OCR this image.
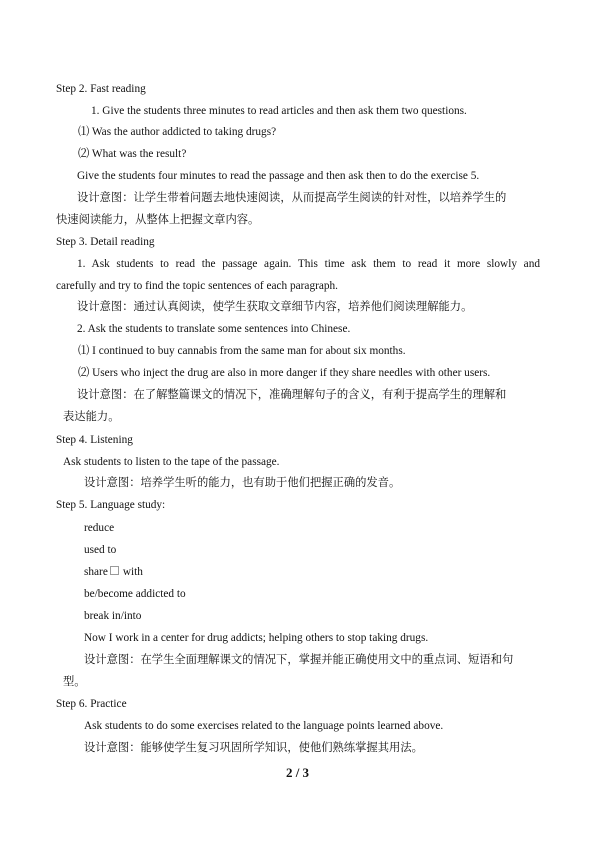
Step 2. Fast reading
1. Give the students three minutes to read articles and then ask them two questions.
⑴ Was the author addicted to taking drugs?
⑵ What was the result?
Give the students four minutes to read the passage and then ask then to do the exercise 5.
设计意图：让学生带着问题去地快速阅读，从而提高学生阅读的针对性，以培养学生的
快速阅读能力，从整体上把握文章内容。
Step 3. Detail reading
1. Ask students to read the passage again. This time ask them to read it more slowly and
carefully and try to find the topic sentences of each paragraph.
设计意图：通过认真阅读，使学生获取文章细节内容，培养他们阅读理解能力。
2. Ask the students to translate some sentences into Chinese.
⑴ I continued to buy cannabis from the same man for about six months.
⑵ Users who inject the drug are also in more danger if they share needles with other users.
设计意图：在了解整篇课文的情况下，准确理解句子的含义，有利于提高学生的理解和
表达能力。
Step 4. Listening
Ask students to listen to the tape of the passage.
设计意图：培养学生听的能力，也有助于他们把握正确的发音。
Step 5. Language study:
reduce
used to
share with
be/become addicted to
break in/into
Now I work in a center for drug addicts; helping others to stop taking drugs.
设计意图：在学生全面理解课文的情况下，掌握并能正确使用文中的重点词、短语和句
型。
Step 6. Practice
Ask students to do some exercises related to the language points learned above.
设计意图：能够使学生复习巩固所学知识，使他们熟练掌握其用法。
2 / 3
